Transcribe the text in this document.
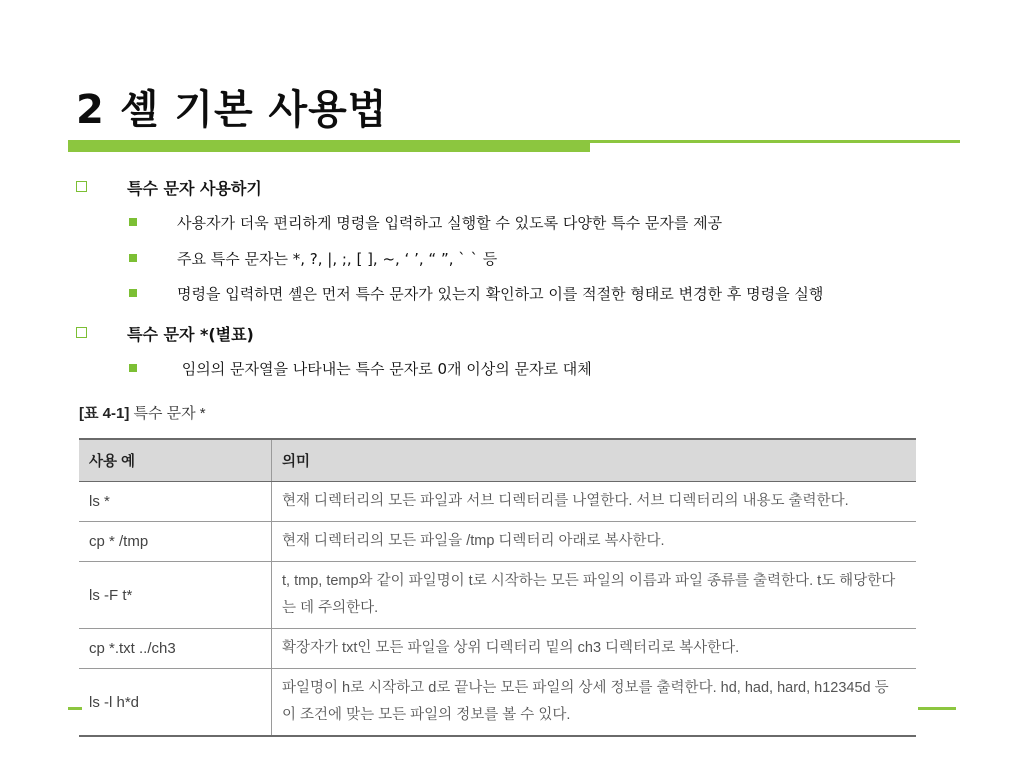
2 셸 기본 사용법
특수 문자 사용하기
사용자가 더욱 편리하게 명령을 입력하고 실행할 수 있도록 다양한 특수 문자를 제공
주요 특수 문자는 *, ?, |, ;, [ ], ~, ‘ ’, “ ”, ` ` 등
명령을 입력하면 셸은 먼저 특수 문자가 있는지 확인하고 이를 적절한 형태로 변경한 후 명령을 실행
특수 문자 *(별표)
임의의 문자열을 나타내는 특수 문자로 0개 이상의 문자로 대체
[표 4-1] 특수 문자 *
사용 예	의미
ls *	현재 디렉터리의 모든 파일과 서브 디렉터리를 나열한다. 서브 디렉터리의 내용도 출력한다.
cp * /tmp	현재 디렉터리의 모든 파일을 /tmp 디렉터리 아래로 복사한다.
ls -F t*	t, tmp, temp와 같이 파일명이 t로 시작하는 모든 파일의 이름과 파일 종류를 출력한다. t도 해당한다는 데 주의한다.
cp *.txt ../ch3	확장자가 txt인 모든 파일을 상위 디렉터리 밑의 ch3 디렉터리로 복사한다.
ls -l h*d	파일명이 h로 시작하고 d로 끝나는 모든 파일의 상세 정보를 출력한다. hd, had, hard, h12345d 등 이 조건에 맞는 모든 파일의 정보를 볼 수 있다.
